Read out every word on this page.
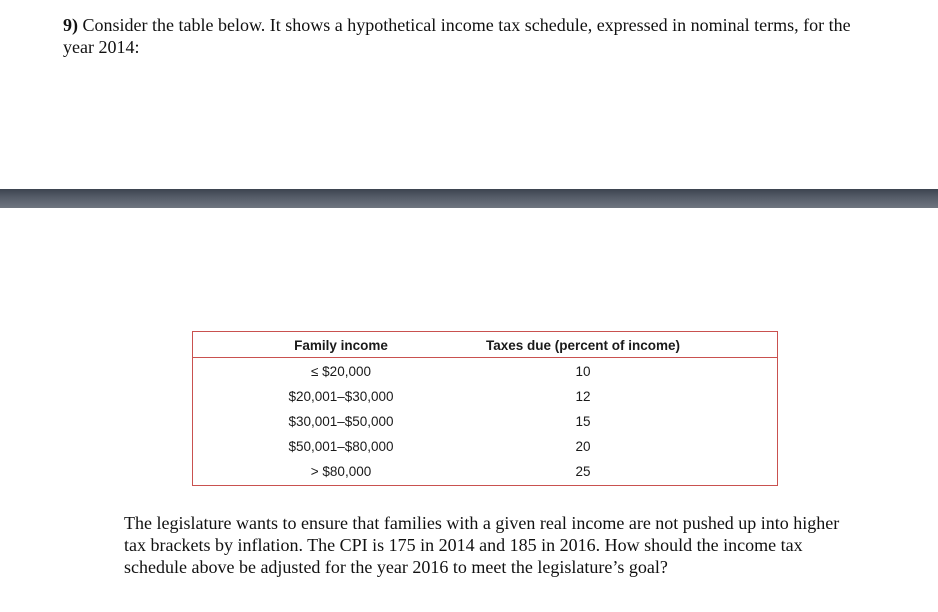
9) Consider the table below. It shows a hypothetical income tax schedule, expressed in nominal terms, for the year 2014:

Family income	Taxes due (percent of income)
≤ $20,000	10
$20,001–$30,000	12
$30,001–$50,000	15
$50,001–$80,000	20
> $80,000	25

The legislature wants to ensure that families with a given real income are not pushed up into higher tax brackets by inflation. The CPI is 175 in 2014 and 185 in 2016. How should the income tax schedule above be adjusted for the year 2016 to meet the legislature’s goal?
